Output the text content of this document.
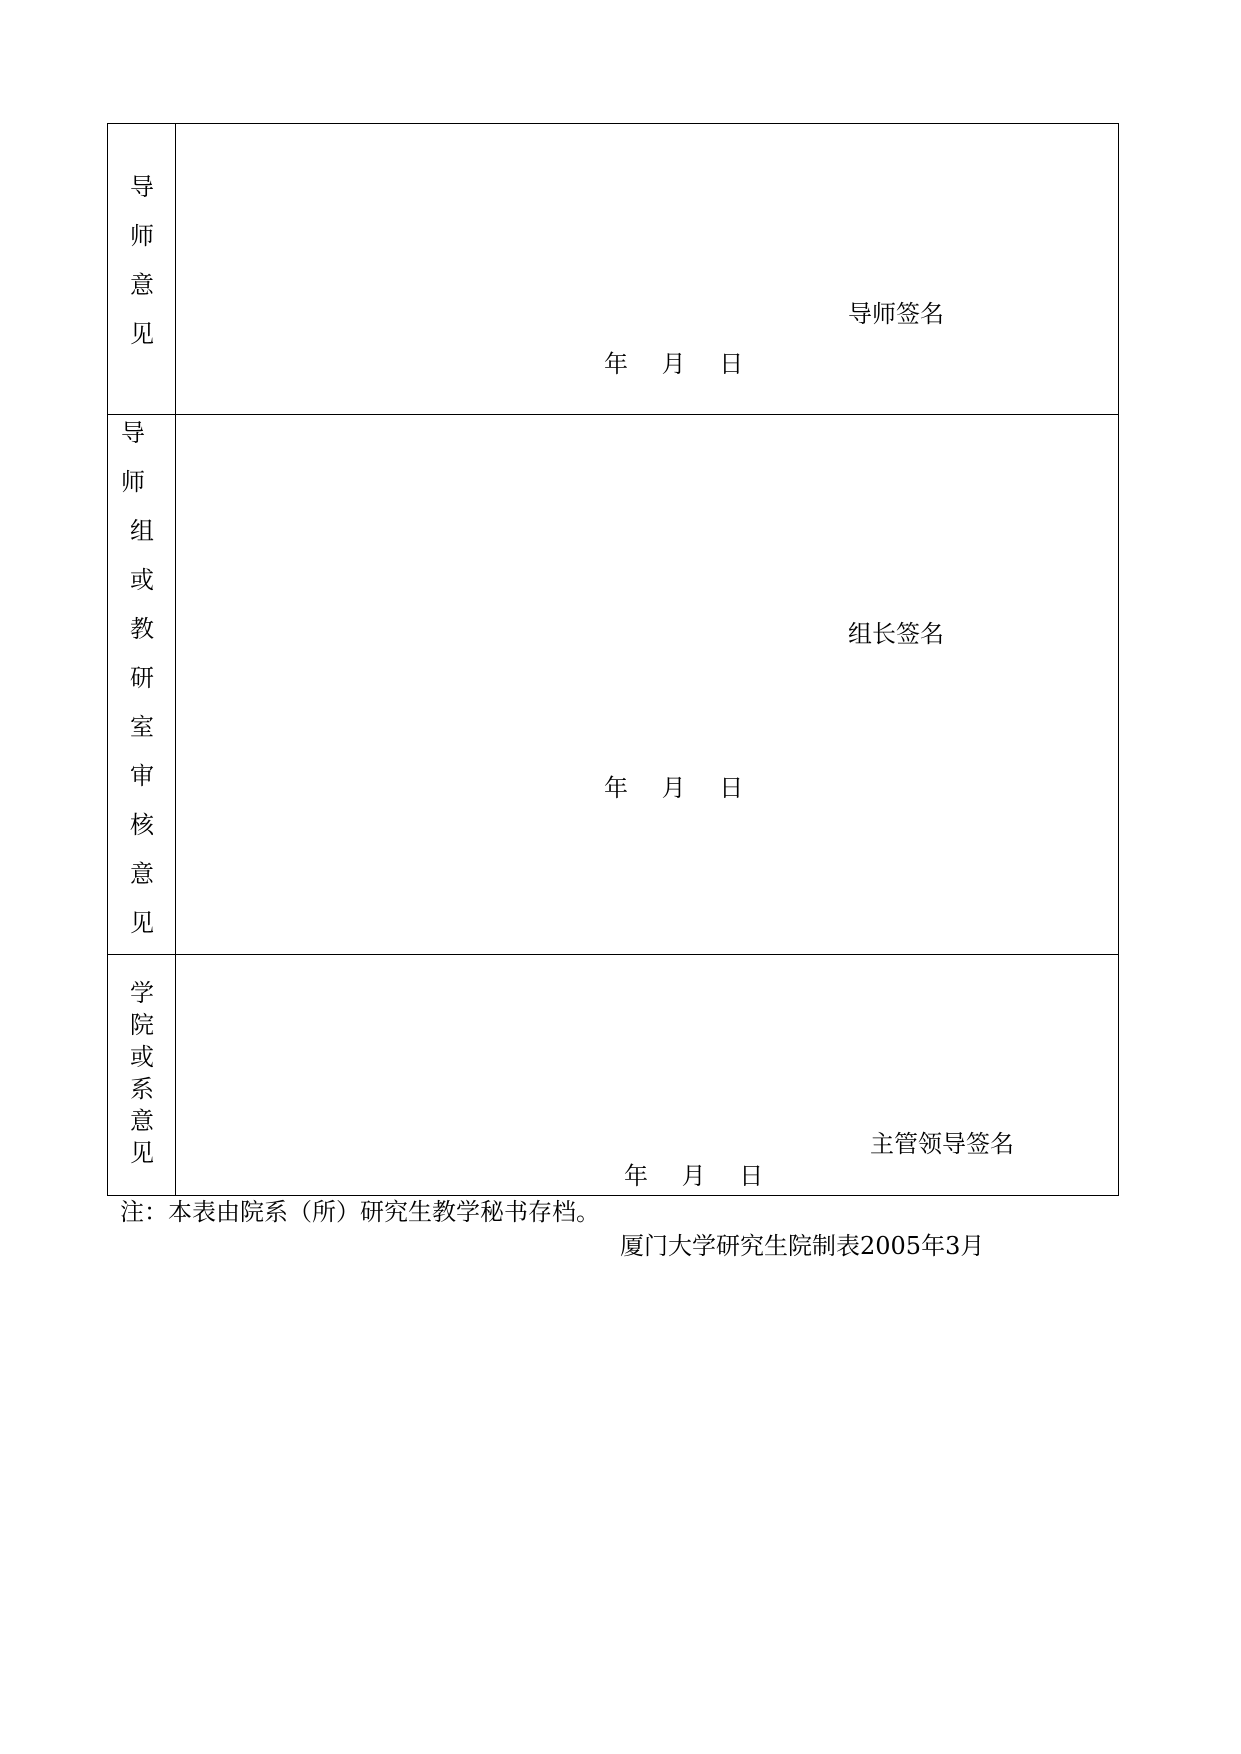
导
师
意
见
导师签名
年 月 日
导
师
组
或
教
研
室
审
核
意
见
组长签名
年 月 日
学
院
或
系
意
见	主管领导签名
年 月 日
注：本表由院系（所）研究生教学秘书存档。
厦门大学研究生院制表2005年3月
